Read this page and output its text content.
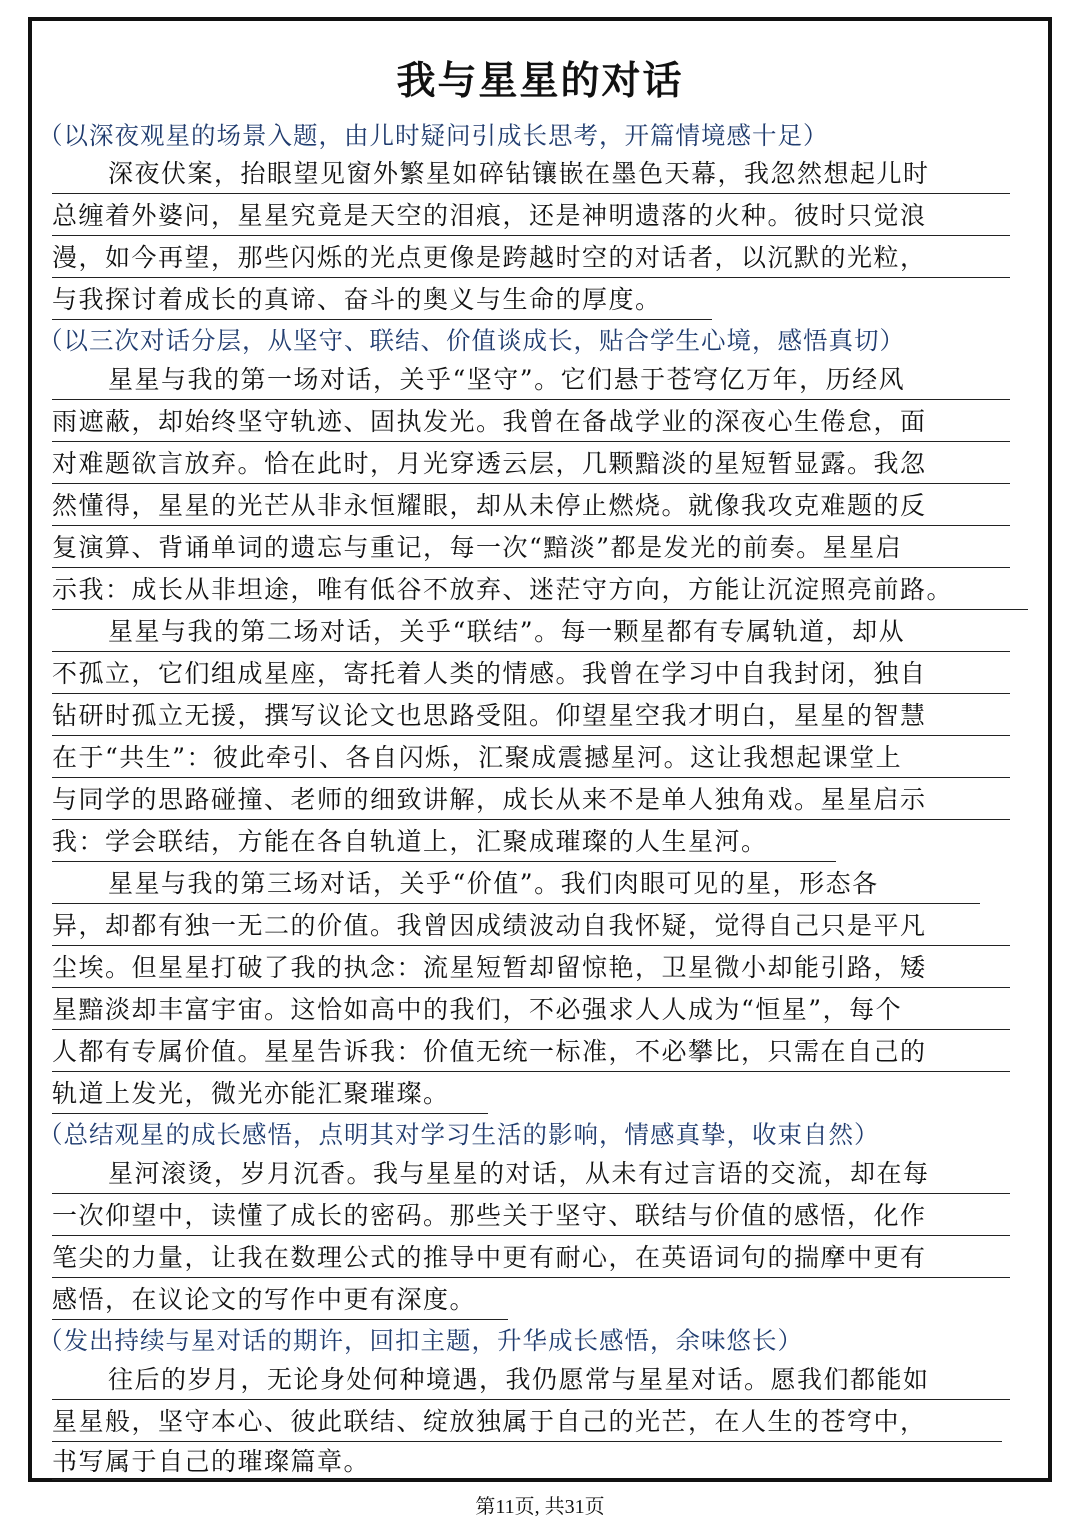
我与星星的对话

（以深夜观星的场景入题，由儿时疑问引成长思考，开篇情境感十足）

深夜伏案，抬眼望见窗外繁星如碎钻镶嵌在墨色天幕，我忽然想起儿时
总缠着外婆问，星星究竟是天空的泪痕，还是神明遗落的火种。彼时只觉浪
漫，如今再望，那些闪烁的光点更像是跨越时空的对话者，以沉默的光粒，
与我探讨着成长的真谛、奋斗的奥义与生命的厚度。

（以三次对话分层，从坚守、联结、价值谈成长，贴合学生心境，感悟真切）

星星与我的第一场对话，关乎“坚守”。它们悬于苍穹亿万年，历经风
雨遮蔽，却始终坚守轨迹、固执发光。我曾在备战学业的深夜心生倦怠，面
对难题欲言放弃。恰在此时，月光穿透云层，几颗黯淡的星短暂显露。我忽
然懂得，星星的光芒从非永恒耀眼，却从未停止燃烧。就像我攻克难题的反
复演算、背诵单词的遗忘与重记，每一次“黯淡”都是发光的前奏。星星启
示我：成长从非坦途，唯有低谷不放弃、迷茫守方向，方能让沉淀照亮前路。
星星与我的第二场对话，关乎“联结”。每一颗星都有专属轨道，却从
不孤立，它们组成星座，寄托着人类的情感。我曾在学习中自我封闭，独自
钻研时孤立无援，撰写议论文也思路受阻。仰望星空我才明白，星星的智慧
在于“共生”：彼此牵引、各自闪烁，汇聚成震撼星河。这让我想起课堂上
与同学的思路碰撞、老师的细致讲解，成长从来不是单人独角戏。星星启示
我：学会联结，方能在各自轨道上，汇聚成璀璨的人生星河。
星星与我的第三场对话，关乎“价值”。我们肉眼可见的星，形态各
异，却都有独一无二的价值。我曾因成绩波动自我怀疑，觉得自己只是平凡
尘埃。但星星打破了我的执念：流星短暂却留惊艳，卫星微小却能引路，矮
星黯淡却丰富宇宙。这恰如高中的我们，不必强求人人成为“恒星”，每个
人都有专属价值。星星告诉我：价值无统一标准，不必攀比，只需在自己的
轨道上发光，微光亦能汇聚璀璨。

（总结观星的成长感悟，点明其对学习生活的影响，情感真挚，收束自然）

星河滚烫，岁月沉香。我与星星的对话，从未有过言语的交流，却在每
一次仰望中，读懂了成长的密码。那些关于坚守、联结与价值的感悟，化作
笔尖的力量，让我在数理公式的推导中更有耐心，在英语词句的揣摩中更有
感悟，在议论文的写作中更有深度。

（发出持续与星对话的期许，回扣主题，升华成长感悟，余味悠长）

往后的岁月，无论身处何种境遇，我仍愿常与星星对话。愿我们都能如
星星般，坚守本心、彼此联结、绽放独属于自己的光芒，在人生的苍穹中，
书写属于自己的璀璨篇章。
第11页, 共31页
